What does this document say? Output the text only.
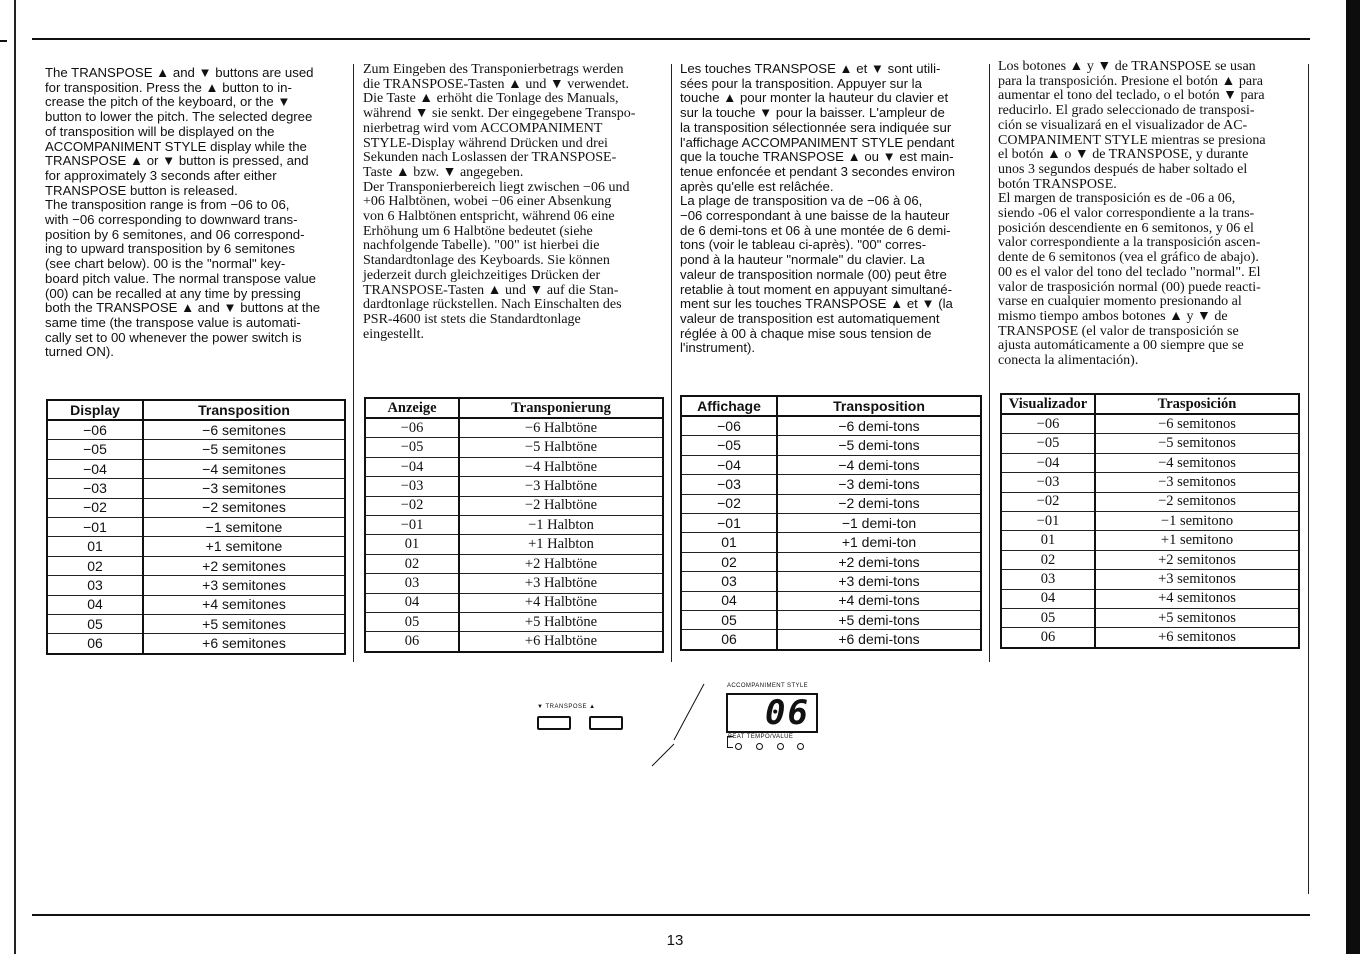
The TRANSPOSE ▲ and ▼ buttons are used
for transposition. Press the ▲ button to in-
crease the pitch of the keyboard, or the ▼
button to lower the pitch. The selected degree
of transposition will be displayed on the
ACCOMPANIMENT STYLE display while the
TRANSPOSE ▲ or ▼ button is pressed, and
for approximately 3 seconds after either
TRANSPOSE button is released.
The transposition range is from −06 to 06,
with −06 corresponding to downward trans-
position by 6 semitones, and 06 correspond-
ing to upward transposition by 6 semitones
(see chart below). 00 is the "normal" key-
board pitch value. The normal transpose value
(00) can be recalled at any time by pressing
both the TRANSPOSE ▲ and ▼ buttons at the
same time (the transpose value is automati-
cally set to 00 whenever the power switch is
turned ON).
Zum Eingeben des Transponierbetrags werden
die TRANSPOSE-Tasten ▲ und ▼ verwendet.
Die Taste ▲ erhöht die Tonlage des Manuals,
während ▼ sie senkt. Der eingegebene Transpo-
nierbetrag wird vom ACCOMPANIMENT
STYLE-Display während Drücken und drei
Sekunden nach Loslassen der TRANSPOSE-
Taste ▲ bzw. ▼ angegeben.
Der Transponierbereich liegt zwischen −06 und
+06 Halbtönen, wobei −06 einer Absenkung
von 6 Halbtönen entspricht, während 06 eine
Erhöhung um 6 Halbtöne bedeutet (siehe
nachfolgende Tabelle). "00" ist hierbei die
Standardtonlage des Keyboards. Sie können
jederzeit durch gleichzeitiges Drücken der
TRANSPOSE-Tasten ▲ und ▼ auf die Stan-
dardtonlage rückstellen. Nach Einschalten des
PSR-4600 ist stets die Standardtonlage
eingestellt.
Les touches TRANSPOSE ▲ et ▼ sont utili-
sées pour la transposition. Appuyer sur la
touche ▲ pour monter la hauteur du clavier et
sur la touche ▼ pour la baisser. L'ampleur de
la transposition sélectionnée sera indiquée sur
l'affichage ACCOMPANIMENT STYLE pendant
que la touche TRANSPOSE ▲ ou ▼ est main-
tenue enfoncée et pendant 3 secondes environ
après qu'elle est relâchée.
La plage de transposition va de −06 à 06,
−06 correspondant à une baisse de la hauteur
de 6 demi-tons et 06 à une montée de 6 demi-
tons (voir le tableau ci-après). "00" corres-
pond à la hauteur "normale" du clavier. La
valeur de transposition normale (00) peut être
retablie à tout moment en appuyant simultané-
ment sur les touches TRANSPOSE ▲ et ▼ (la
valeur de transposition est automatiquement
réglée à 00 à chaque mise sous tension de
l'instrument).
Los botones ▲ y ▼ de TRANSPOSE se usan
para la transposición. Presione el botón ▲ para
aumentar el tono del teclado, o el botón ▼ para
reducirlo. El grado seleccionado de transposi-
ción se visualizará en el visualizador de AC-
COMPANIMENT STYLE mientras se presiona
el botón ▲ o ▼ de TRANSPOSE, y durante
unos 3 segundos después de haber soltado el
botón TRANSPOSE.
El margen de transposición es de -06 a 06,
siendo -06 el valor correspondiente a la trans-
posición descendiente en 6 semitonos, y 06 el
valor correspondiente a la transposición ascen-
dente de 6 semitonos (vea el gráfico de abajo).
00 es el valor del tono del teclado "normal". El
valor de trasposición normal (00) puede reacti-
varse en cualquier momento presionando al
mismo tiempo ambos botones ▲ y ▼ de
TRANSPOSE (el valor de transposición se
ajusta automáticamente a 00 siempre que se
conecta la alimentación).
Display	Transposition
−06	−6 semitones
−05	−5 semitones
−04	−4 semitones
−03	−3 semitones
−02	−2 semitones
−01	−1 semitone
01	+1 semitone
02	+2 semitones
03	+3 semitones
04	+4 semitones
05	+5 semitones
06	+6 semitones
Anzeige	Transponierung
−06	−6 Halbtöne
−05	−5 Halbtöne
−04	−4 Halbtöne
−03	−3 Halbtöne
−02	−2 Halbtöne
−01	−1 Halbton
01	+1 Halbton
02	+2 Halbtöne
03	+3 Halbtöne
04	+4 Halbtöne
05	+5 Halbtöne
06	+6 Halbtöne
Affichage	Transposition
−06	−6 demi-tons
−05	−5 demi-tons
−04	−4 demi-tons
−03	−3 demi-tons
−02	−2 demi-tons
−01	−1 demi-ton
01	+1 demi-ton
02	+2 demi-tons
03	+3 demi-tons
04	+4 demi-tons
05	+5 demi-tons
06	+6 demi-tons
Visualizador	Trasposición
−06	−6 semitonos
−05	−5 semitonos
−04	−4 semitonos
−03	−3 semitonos
−02	−2 semitonos
−01	−1 semitono
01	+1 semitono
02	+2 semitonos
03	+3 semitonos
04	+4 semitonos
05	+5 semitonos
06	+6 semitonos
▼ TRANSPOSE ▲
ACCOMPANIMENT STYLE
06
BEAT TEMPO/VALUE
13
